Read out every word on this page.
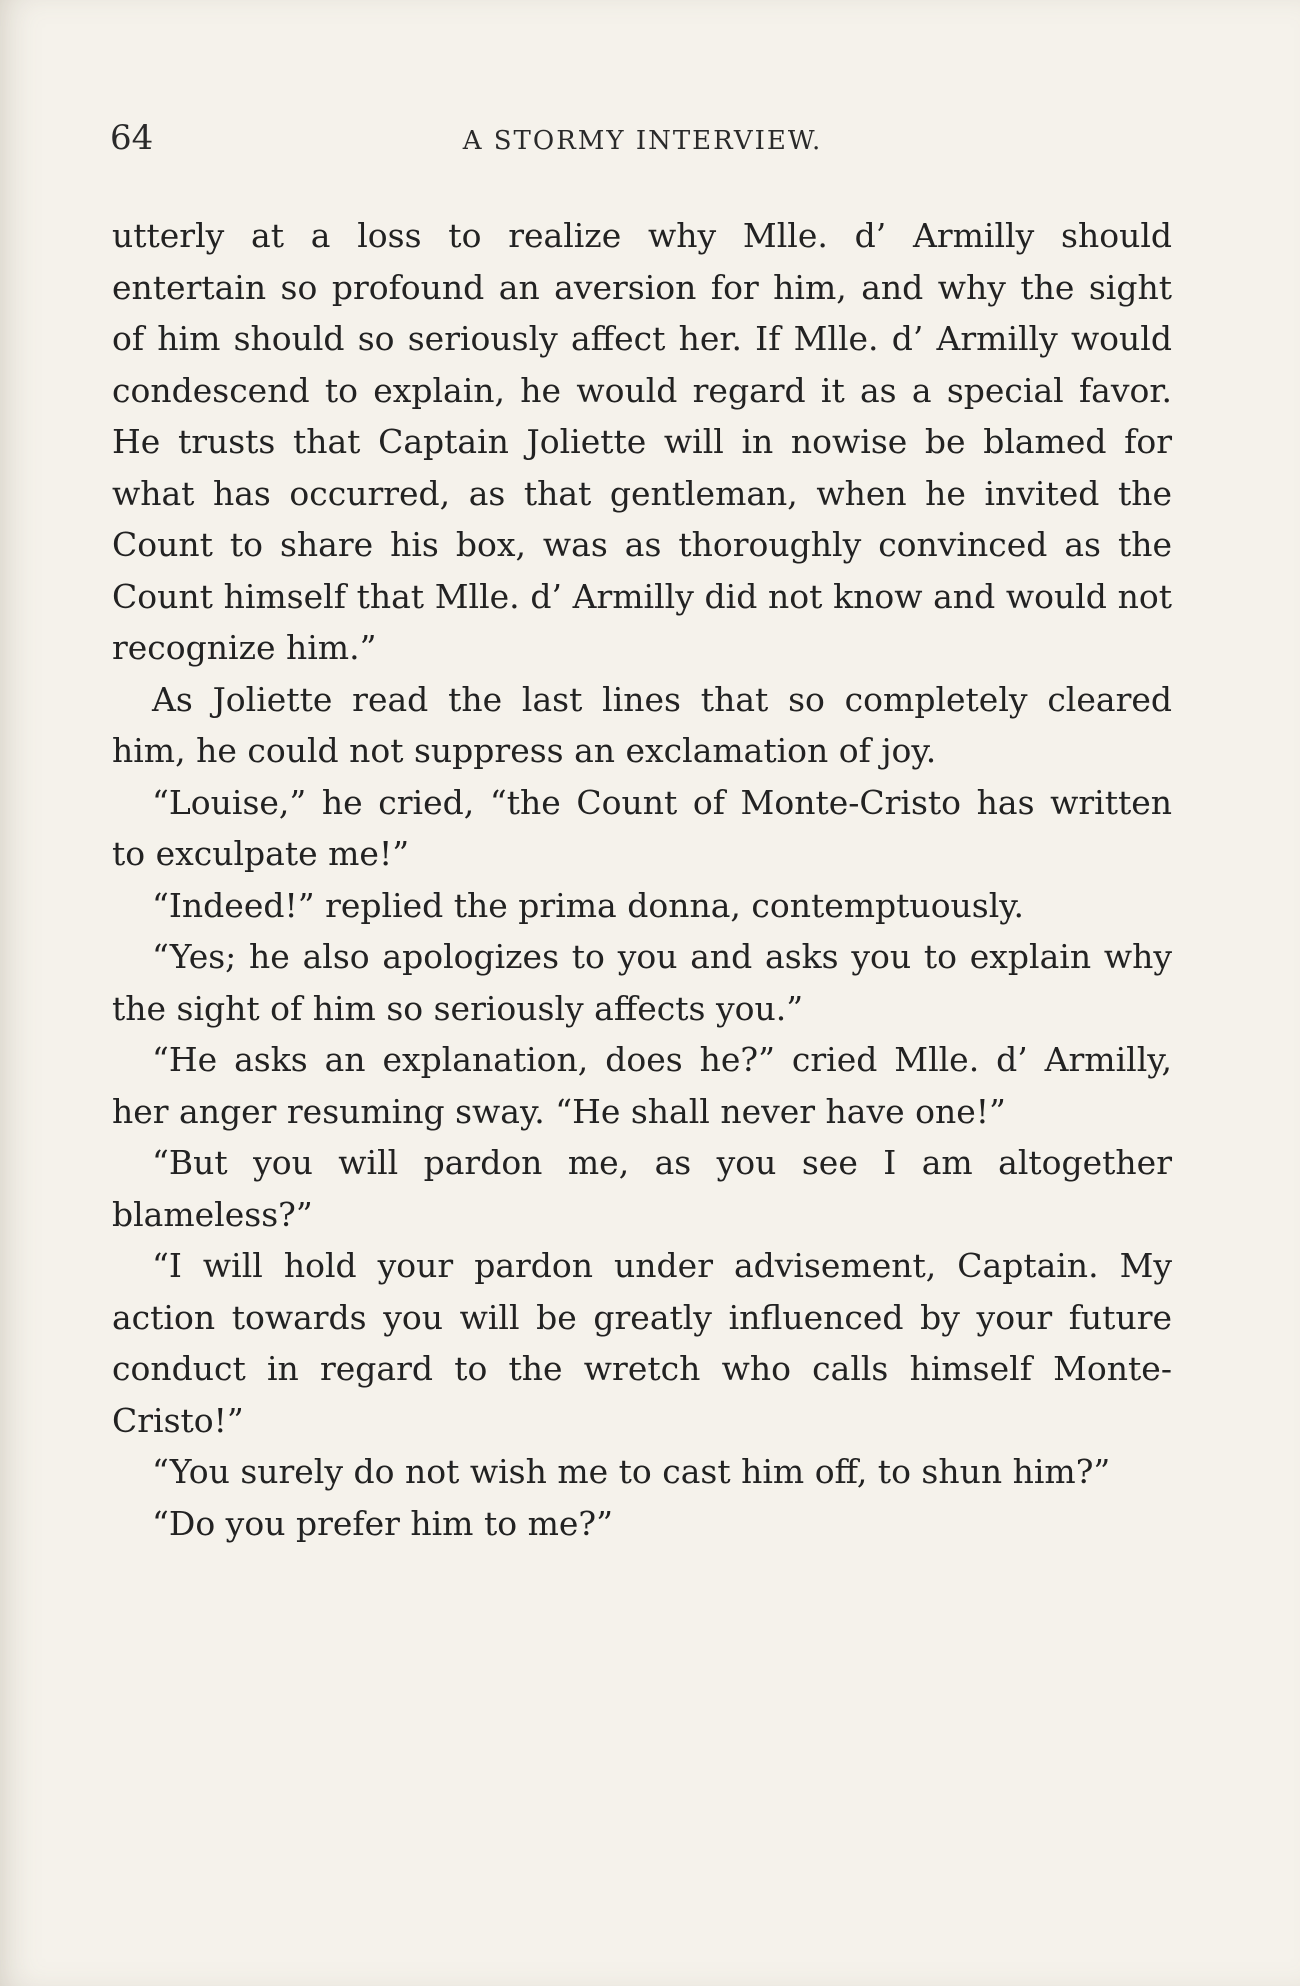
64	A STORMY INTERVIEW.

utterly at a loss to realize why Mlle. d’ Armilly should entertain so profound an aversion for him, and why the sight of him should so seriously affect her. If Mlle. d’ Armilly would condescend to explain, he would regard it as a special favor. He trusts that Captain Joliette will in nowise be blamed for what has occurred, as that gentleman, when he invited the Count to share his box, was as thoroughly convinced as the Count himself that Mlle. d’ Armilly did not know and would not recognize him.”

As Joliette read the last lines that so completely cleared him, he could not suppress an exclamation of joy.

“Louise,” he cried, “the Count of Monte-Cristo has written to exculpate me!”

“Indeed!” replied the prima donna, contemptuously.

“Yes; he also apologizes to you and asks you to explain why the sight of him so seriously affects you.”

“He asks an explanation, does he?” cried Mlle. d’ Armilly, her anger resuming sway. “He shall never have one!”

“But you will pardon me, as you see I am altogether blameless?”

“I will hold your pardon under advisement, Captain. My action towards you will be greatly influenced by your future conduct in regard to the wretch who calls himself Monte-Cristo!”

“You surely do not wish me to cast him off, to shun him?”

“Do you prefer him to me?”
